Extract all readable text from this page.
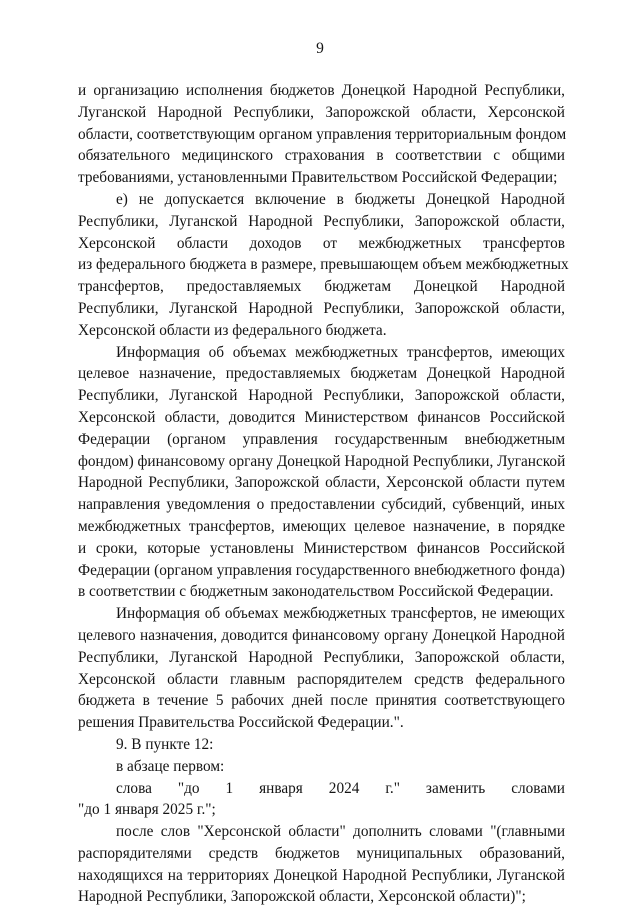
9
и организацию исполнения бюджетов Донецкой Народной Республики,
Луганской Народной Республики, Запорожской области, Херсонской
области, соответствующим органом управления территориальным фондом
обязательного медицинского страхования в соответствии с общими
требованиями, установленными Правительством Российской Федерации;
е) не допускается включение в бюджеты Донецкой Народной
Республики, Луганской Народной Республики, Запорожской области,
Херсонской области доходов от межбюджетных трансфертов
из федерального бюджета в размере, превышающем объем межбюджетных
трансфертов, предоставляемых бюджетам Донецкой Народной
Республики, Луганской Народной Республики, Запорожской области,
Херсонской области из федерального бюджета.
Информация об объемах межбюджетных трансфертов, имеющих
целевое назначение, предоставляемых бюджетам Донецкой Народной
Республики, Луганской Народной Республики, Запорожской области,
Херсонской области, доводится Министерством финансов Российской
Федерации (органом управления государственным внебюджетным
фондом) финансовому органу Донецкой Народной Республики, Луганской
Народной Республики, Запорожской области, Херсонской области путем
направления уведомления о предоставлении субсидий, субвенций, иных
межбюджетных трансфертов, имеющих целевое назначение, в порядке
и сроки, которые установлены Министерством финансов Российской
Федерации (органом управления государственного внебюджетного фонда)
в соответствии с бюджетным законодательством Российской Федерации.
Информация об объемах межбюджетных трансфертов, не имеющих
целевого назначения, доводится финансовому органу Донецкой Народной
Республики, Луганской Народной Республики, Запорожской области,
Херсонской области главным распорядителем средств федерального
бюджета в течение 5 рабочих дней после принятия соответствующего
решения Правительства Российской Федерации.".
9. В пункте 12:
в абзаце первом:
слова "до 1 января 2024 г." заменить словами
"до 1 января 2025 г.";
после слов "Херсонской области" дополнить словами "(главными
распорядителями средств бюджетов муниципальных образований,
находящихся на территориях Донецкой Народной Республики, Луганской
Народной Республики, Запорожской области, Херсонской области)";
